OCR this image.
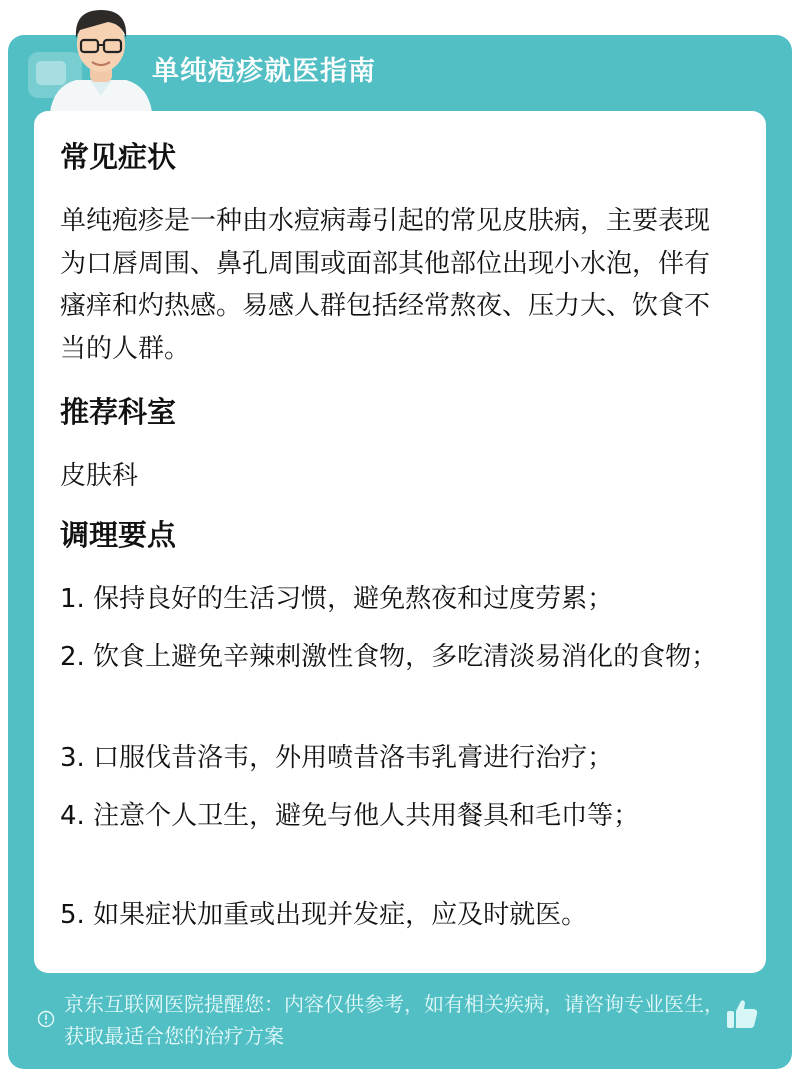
单纯疱疹就医指南
常见症状
单纯疱疹是一种由水痘病毒引起的常见皮肤病，主要表现为口唇周围、鼻孔周围或面部其他部位出现小水泡，伴有瘙痒和灼热感。易感人群包括经常熬夜、压力大、饮食不当的人群。
推荐科室
皮肤科
调理要点
1. 保持良好的生活习惯，避免熬夜和过度劳累；
2. 饮食上避免辛辣刺激性食物，多吃清淡易消化的食物；
3. 口服伐昔洛韦，外用喷昔洛韦乳膏进行治疗；
4. 注意个人卫生，避免与他人共用餐具和毛巾等；
5. 如果症状加重或出现并发症，应及时就医。
京东互联网医院提醒您：内容仅供参考，如有相关疾病，请咨询专业医生，获取最适合您的治疗方案
